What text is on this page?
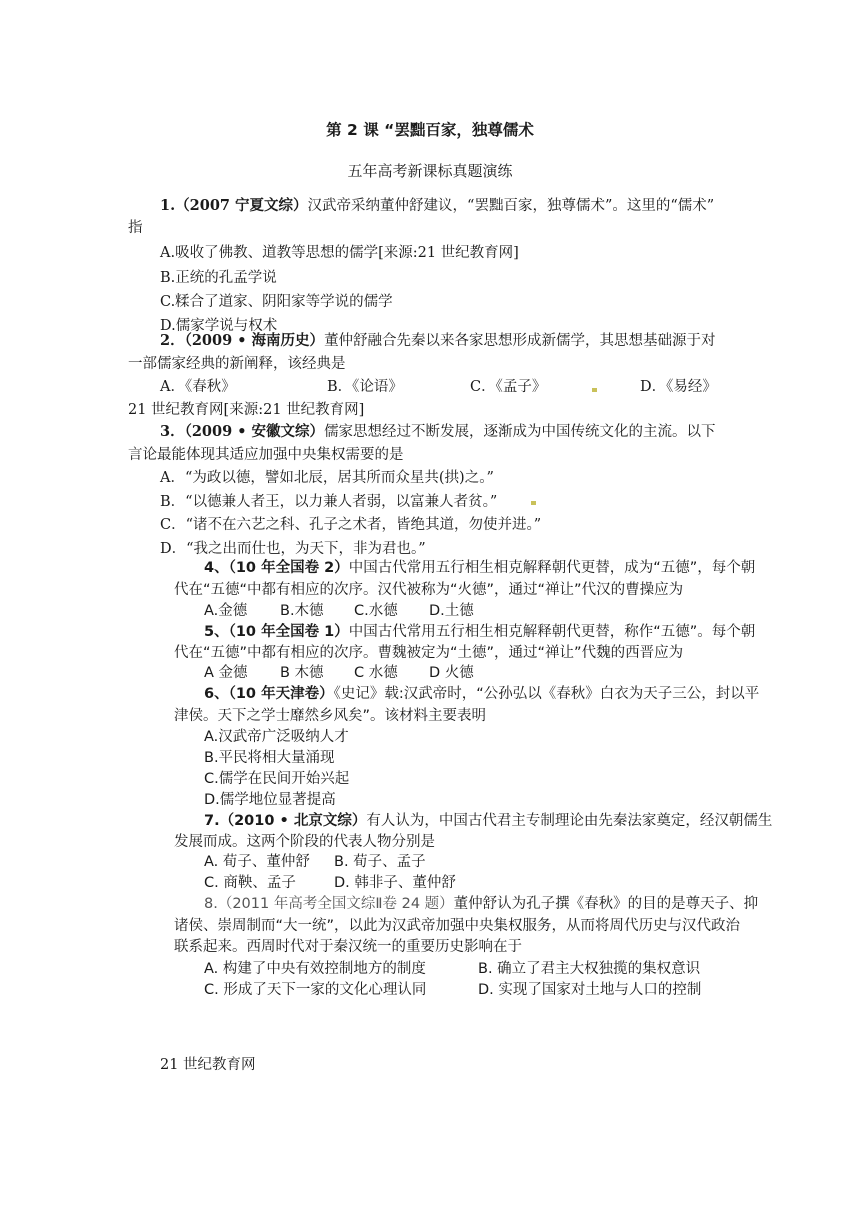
第 2 课 “罢黜百家，独尊儒术
五年高考新课标真题演练
1.（2007 宁夏文综）汉武帝采纳董仲舒建议，“罢黜百家，独尊儒术”。这里的“儒术”
指
A.吸收了佛教、道教等思想的儒学[来源:21 世纪教育网]
B.正统的孔孟学说
C.糅合了道家、阴阳家等学说的儒学
D.儒家学说与权术
2．（2009 • 海南历史）董仲舒融合先秦以来各家思想形成新儒学，其思想基础源于对
一部儒家经典的新阐释，该经典是
A．《春秋》	B．《论语》	C．《孟子》	D．《易经》
21 世纪教育网[来源:21 世纪教育网]
3．（2009 • 安徽文综）儒家思想经过不断发展，逐渐成为中国传统文化的主流。以下
言论最能体现其适应加强中央集权需要的是
A．“为政以德，譬如北辰，居其所而众星共(拱)之。”
B．“以德兼人者王，以力兼人者弱，以富兼人者贫。”
C．“诸不在六艺之科、孔子之术者，皆绝其道，勿使并进。”
D．“我之出而仕也，为天下，非为君也。”
4、（10 年全国卷 2）中国古代常用五行相生相克解释朝代更替，成为“五德”，每个朝
代在“五德“中都有相应的次序。汉代被称为“火德”，通过“禅让”代汉的曹操应为
A.金德 B.木德 C.水德 D.土德
5、（10 年全国卷 1）中国古代常用五行相生相克解释朝代更替，称作“五德”。每个朝
代在“五德”中都有相应的次序。曹魏被定为“土德”，通过“禅让”代魏的西晋应为
A 金德 B 木德 C 水德 D 火德
6、（10 年天津卷）《史记》载:汉武帝时，“公孙弘以《春秋》白衣为天子三公，封以平
津侯。天下之学士靡然乡风矣”。该材料主要表明
A.汉武帝广泛吸纳人才
B.平民将相大量涌现
C.儒学在民间开始兴起
D.儒学地位显著提高
7.（2010 • 北京文综）有人认为，中国古代君主专制理论由先秦法家奠定，经汉朝儒生
发展而成。这两个阶段的代表人物分别是
A. 荀子、董仲舒 B. 荀子、孟子
C. 商鞅、孟子	D. 韩非子、董仲舒
8.（2011 年高考全国文综Ⅱ卷 24 题）董仲舒认为孔子撰《春秋》的目的是尊天子、抑
诸侯、崇周制而“大一统”，以此为汉武帝加强中央集权服务，从而将周代历史与汉代政治
联系起来。西周时代对于秦汉统一的重要历史影响在于
A. 构建了中央有效控制地方的制度	B. 确立了君主大权独揽的集权意识
C. 形成了天下一家的文化心理认同	D. 实现了国家对土地与人口的控制
21 世纪教育网
